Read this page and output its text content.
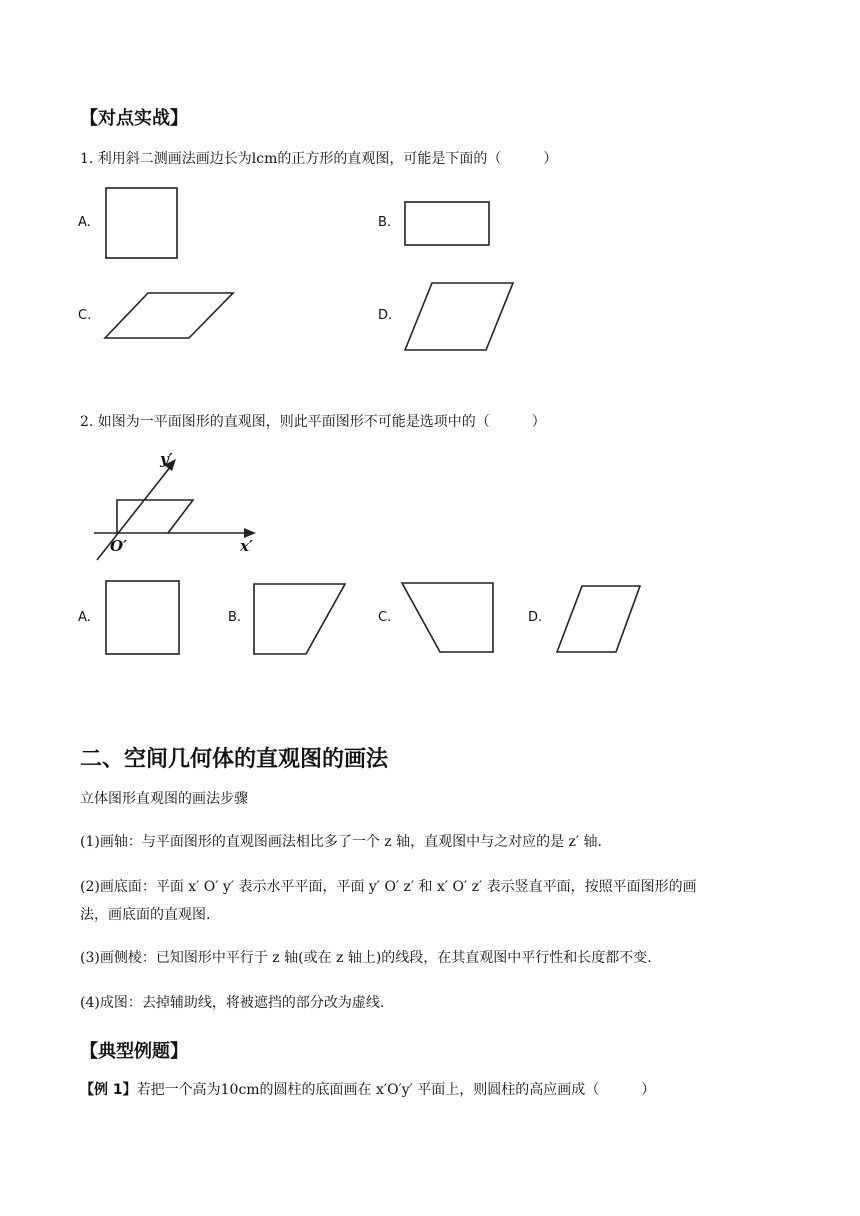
【对点实战】
1. 利用斜二测画法画边长为lcm的正方形的直观图，可能是下面的（　　　）
A.	B.
C.	D.
2. 如图为一平面图形的直观图，则此平面图形不可能是选项中的（　　　）
y′
x′
O′
A.	B.	C.	D.
二、空间几何体的直观图的画法
立体图形直观图的画法步骤
(1)画轴：与平面图形的直观图画法相比多了一个 z 轴，直观图中与之对应的是 z′ 轴.
(2)画底面：平面 x′ O′ y′ 表示水平平面，平面 y′ O′ z′ 和 x′ O′ z′ 表示竖直平面，按照平面图形的画
法，画底面的直观图.
(3)画侧棱：已知图形中平行于 z 轴(或在 z 轴上)的线段，在其直观图中平行性和长度都不变.
(4)成图：去掉辅助线，将被遮挡的部分改为虚线.
【典型例题】
【例 1】若把一个高为10cm的圆柱的底面画在 x′O′y′ 平面上，则圆柱的高应画成（　　　）
